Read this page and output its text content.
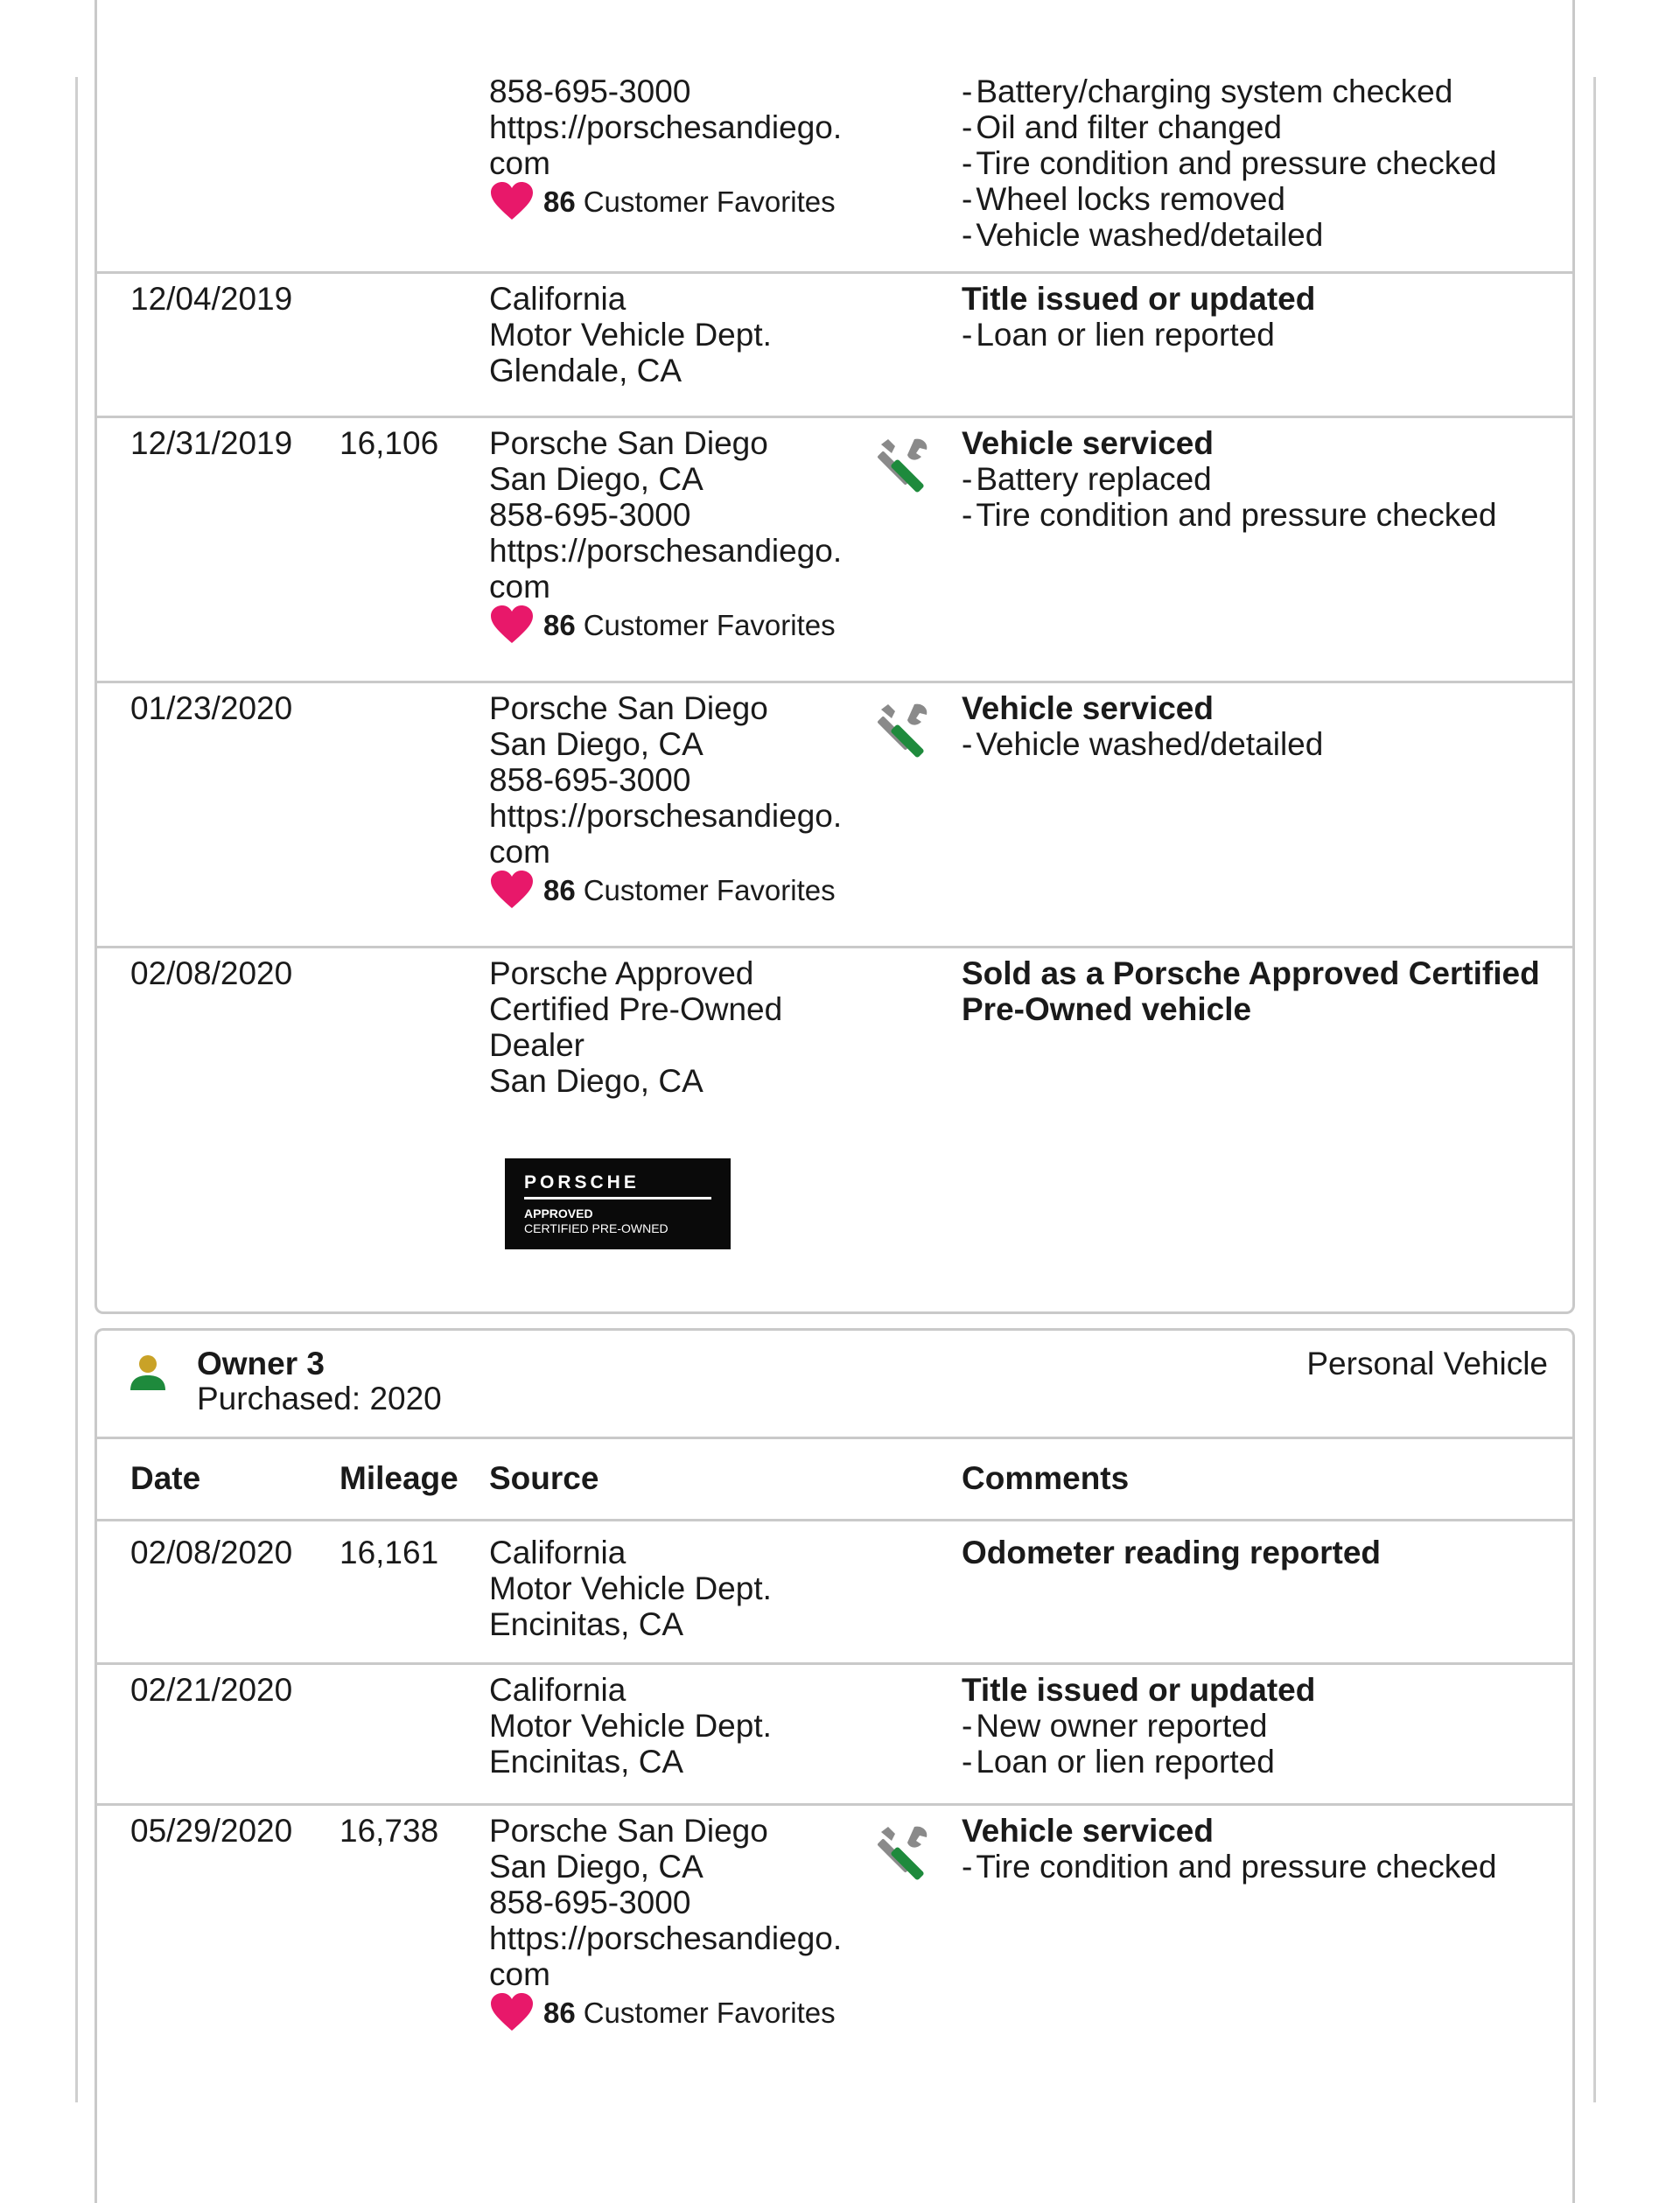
858-695-3000
https://porschesandiego.
com
86 Customer Favorites
- Battery/charging system checked
- Oil and filter changed
- Tire condition and pressure checked
- Wheel locks removed
- Vehicle washed/detailed
12/04/2019	California
Motor Vehicle Dept.
Glendale, CA
Title issued or updated
- Loan or lien reported
12/31/2019 16,106 Porsche San Diego
San Diego, CA
858-695-3000
https://porschesandiego.
com
86 Customer Favorites
Vehicle serviced
- Battery replaced
- Tire condition and pressure checked
01/23/2020	Porsche San Diego
San Diego, CA
858-695-3000
https://porschesandiego.
com
86 Customer Favorites
Vehicle serviced
- Vehicle washed/detailed
02/08/2020	Porsche Approved
Certified Pre-Owned
Dealer
San Diego, CA
PORSCHE
APPROVED
CERTIFIED PRE-OWNED
Sold as a Porsche Approved Certified
Pre-Owned vehicle
Owner 3
Purchased: 2020
Personal Vehicle
Date	Mileage Source	Comments
02/08/2020 16,161 California
Motor Vehicle Dept.
Encinitas, CA
Odometer reading reported
02/21/2020	California
Motor Vehicle Dept.
Encinitas, CA
Title issued or updated
- New owner reported
- Loan or lien reported
05/29/2020 16,738 Porsche San Diego
San Diego, CA
858-695-3000
https://porschesandiego.
com
86 Customer Favorites
Vehicle serviced
- Tire condition and pressure checked
